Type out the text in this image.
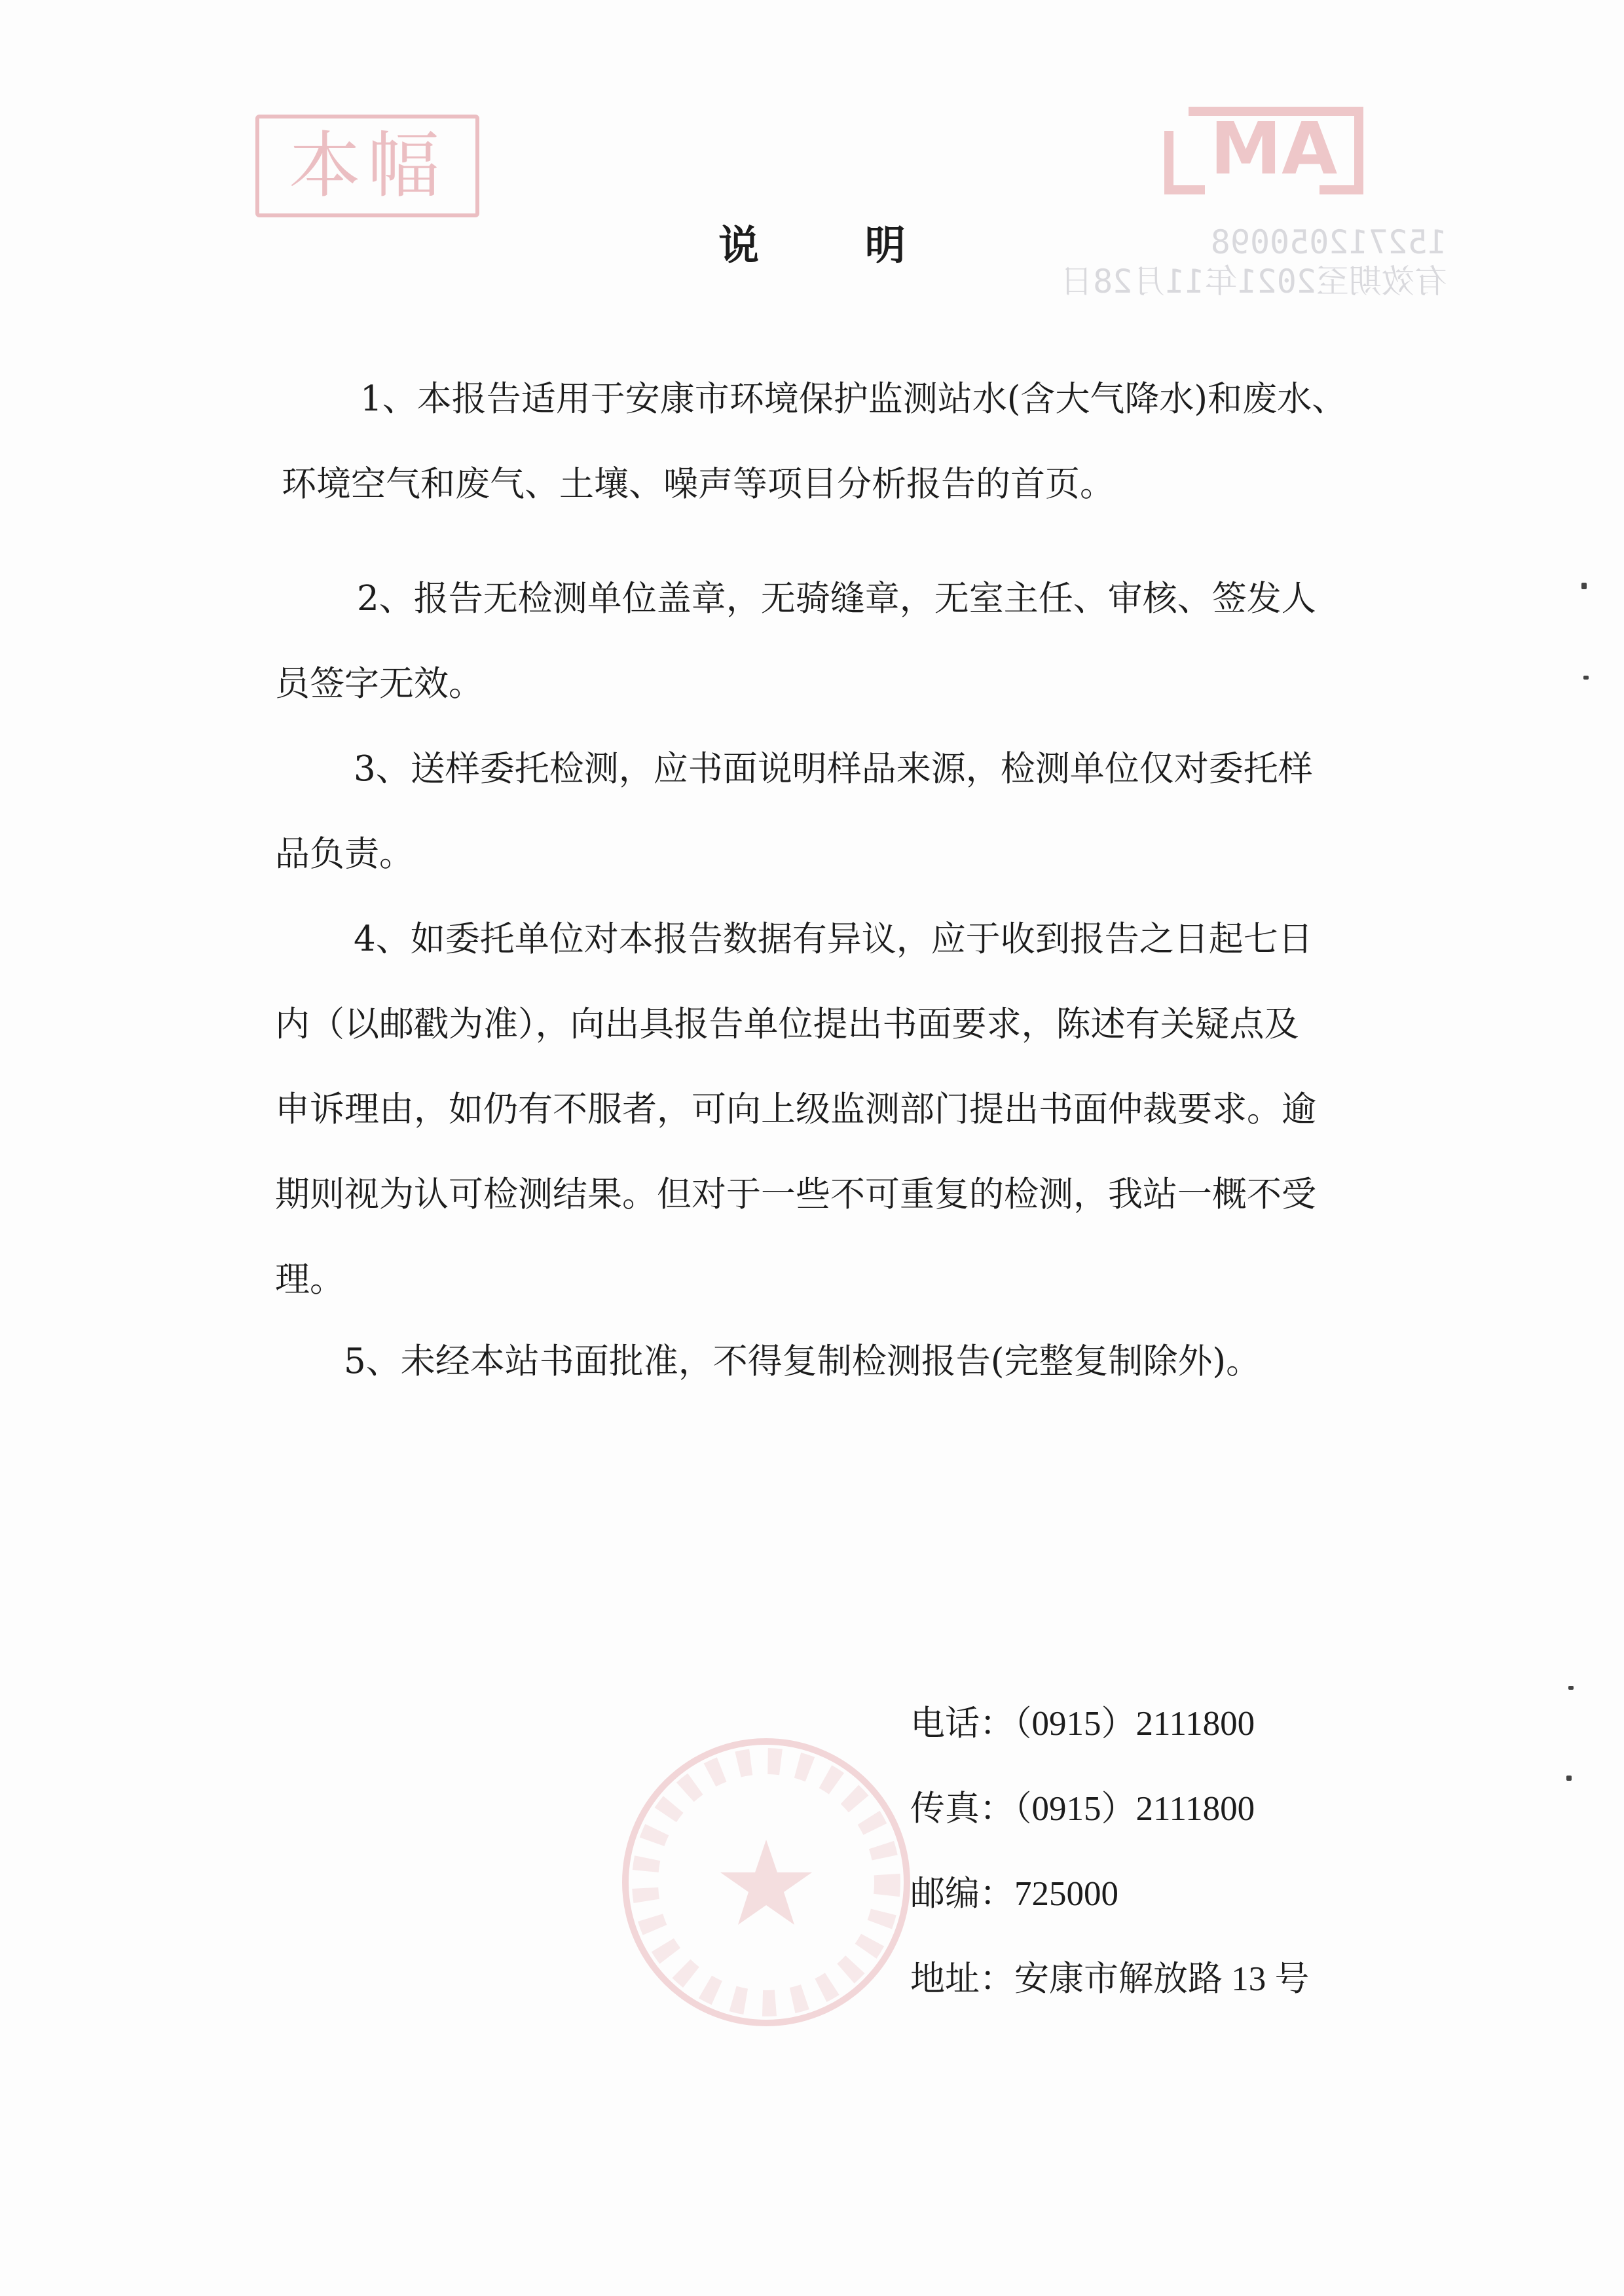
本幅	MA
152712050098
有效期至2021年11月28日
说 明

1、本报告适用于安康市环境保护监测站水(含大气降水)和废水、
环境空气和废气、土壤、噪声等项目分析报告的首页。

2、报告无检测单位盖章，无骑缝章，无室主任、审核、签发人
员签字无效。

3、送样委托检测，应书面说明样品来源，检测单位仅对委托样
品负责。

4、如委托单位对本报告数据有异议，应于收到报告之日起七日
内（以邮戳为准），向出具报告单位提出书面要求，陈述有关疑点及
申诉理由，如仍有不服者，可向上级监测部门提出书面仲裁要求。逾
期则视为认可检测结果。但对于一些不可重复的检测，我站一概不受
理。

5、未经本站书面批准，不得复制检测报告(完整复制除外)。

电话：（0915）2111800
传真：（0915）2111800
邮编：725000
地址：安康市解放路 13 号
